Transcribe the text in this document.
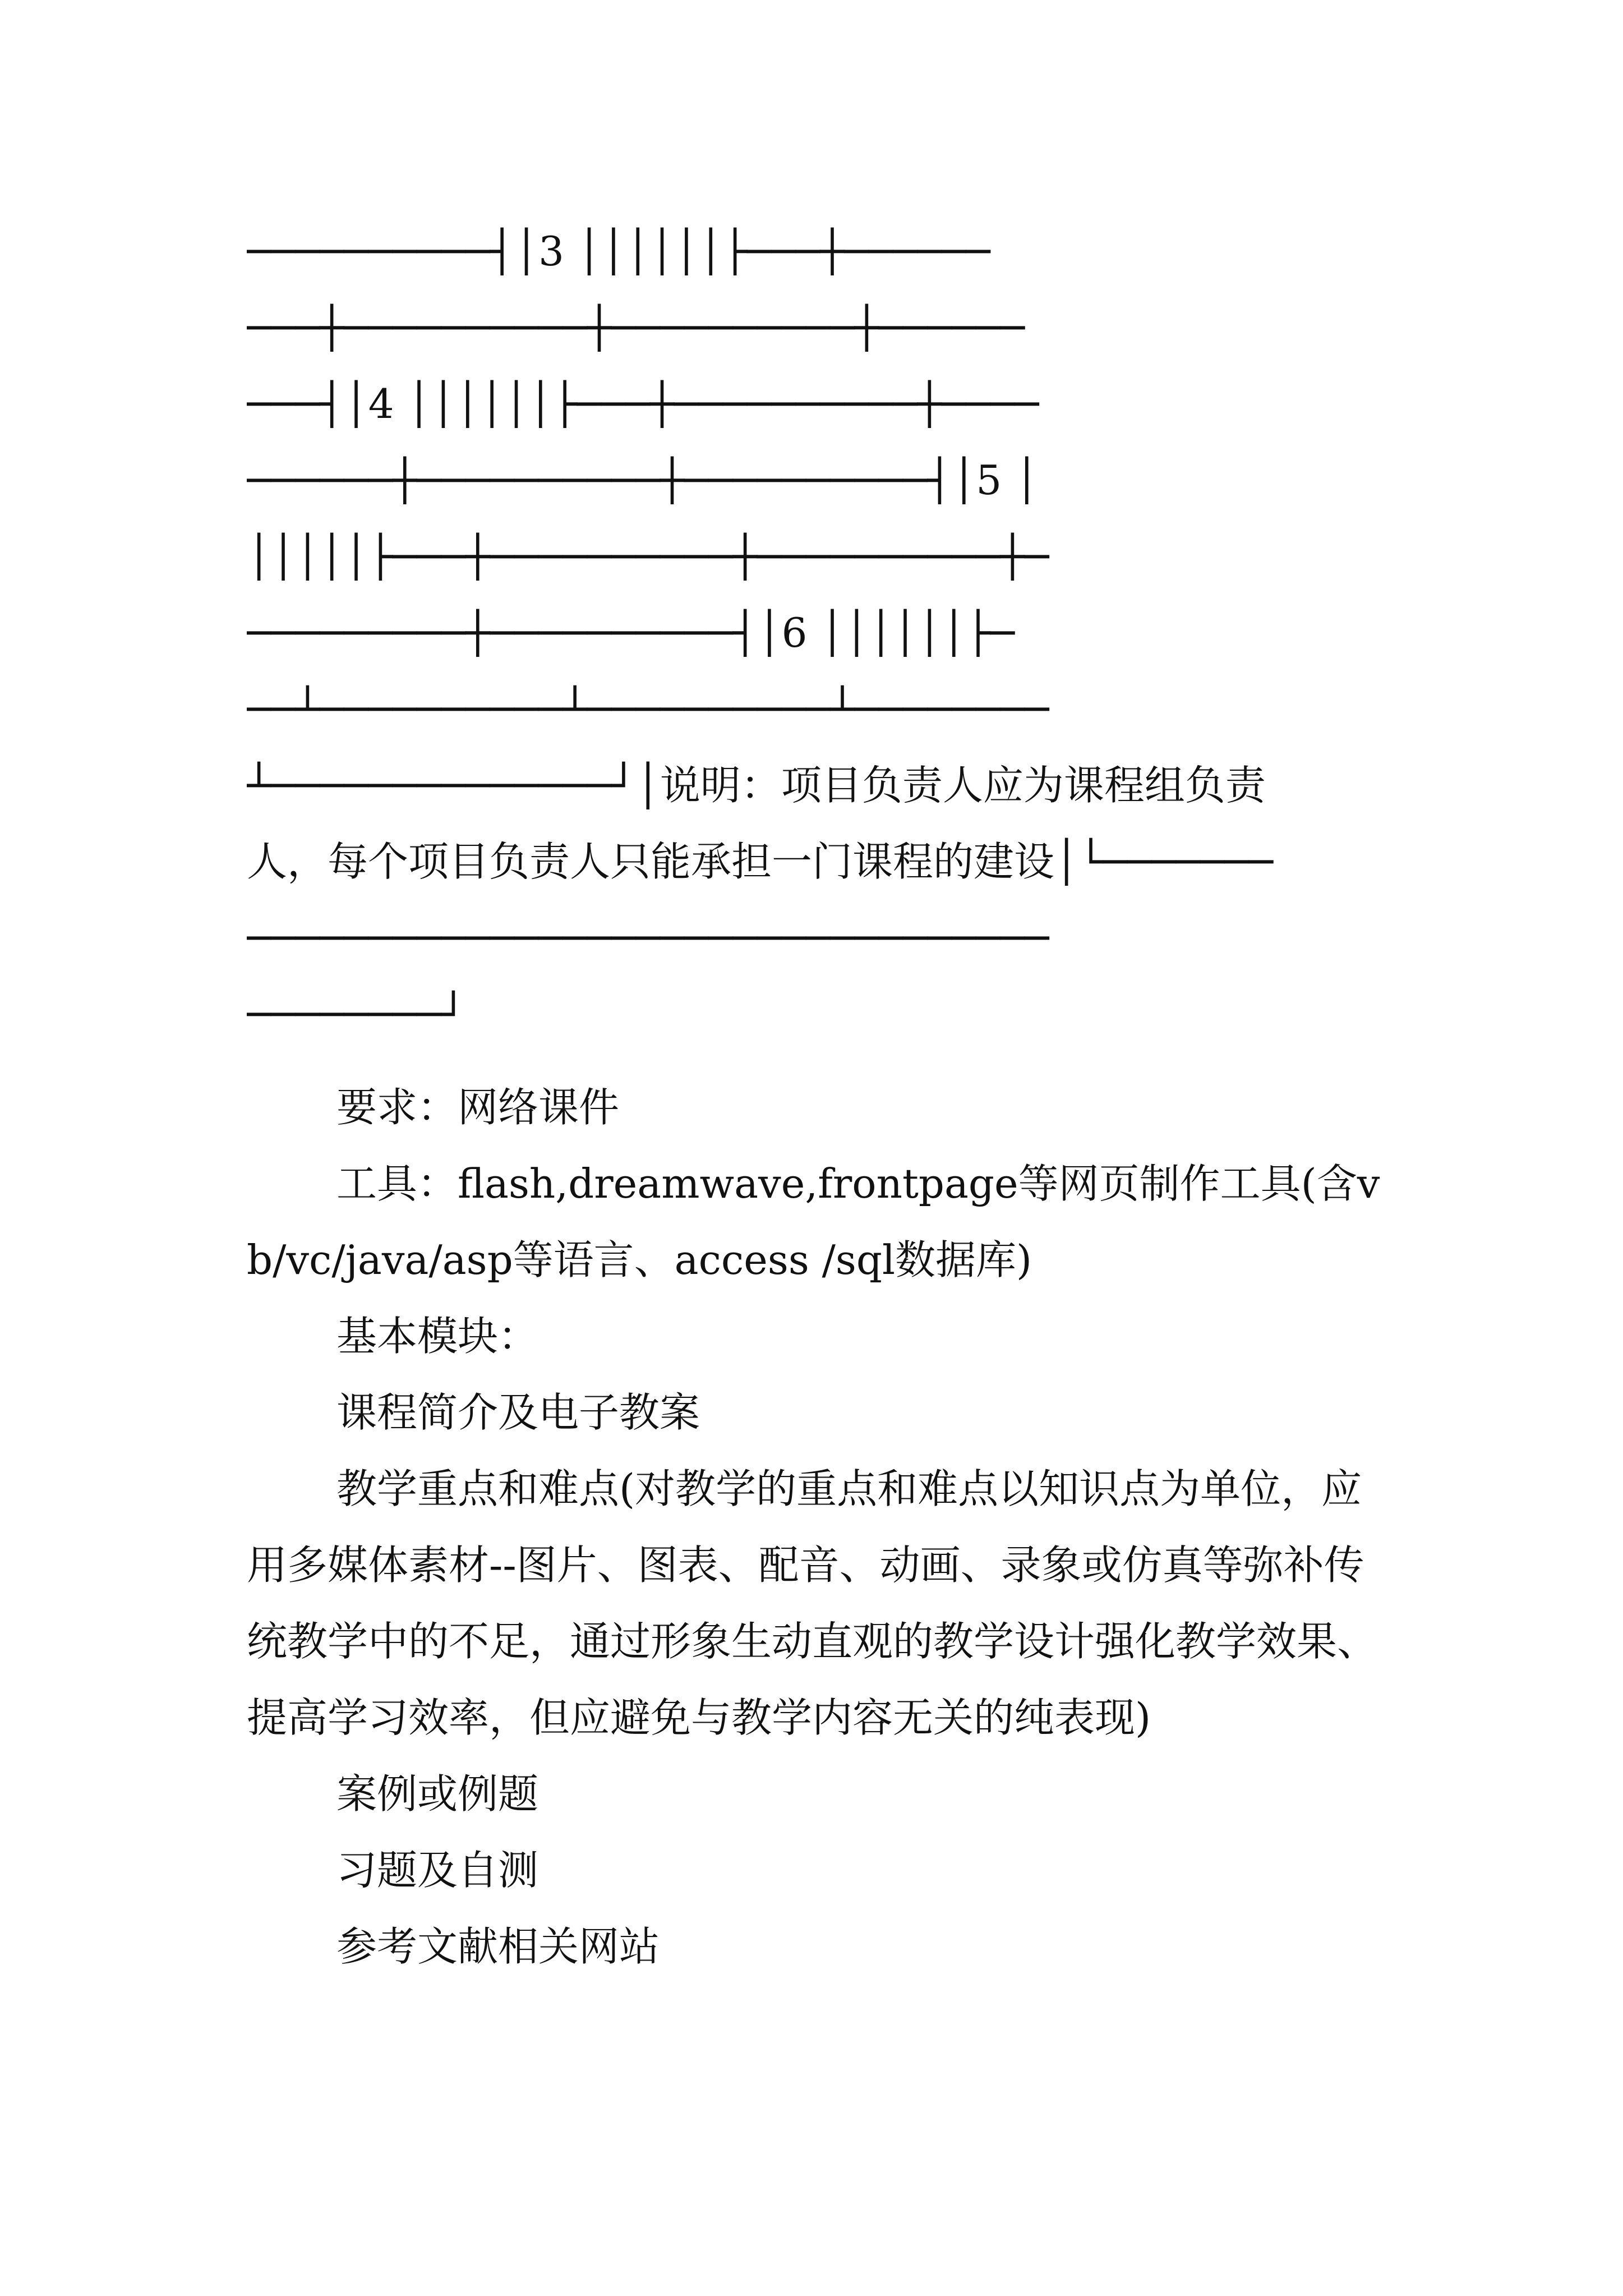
──────────┤│3 ││││││├───┼──────
───┼──────────┼──────────┼──────
───┤│4 ││││││├───┼──────────┼────
──────┼──────────┼──────────┤│5 │
│││││├───┼──────────┼──────────┼─
─────────┼──────────┤│6 ││││││├─
──┴──────────┴──────────┴────────
┴──────────────┘│说明：项目负责人应为课程组负责
人，每个项目负责人只能承担一门课程的建设│└───────
─────────────────────────────────
────────┘

要求：网络课件

工具：flash,dreamwave,frontpage等网页制作工具(含vb/vc/java/asp等语言、access /sql数据库)

基本模块：

课程简介及电子教案

教学重点和难点(对教学的重点和难点以知识点为单位，应用多媒体素材--图片、图表、配音、动画、录象或仿真等弥补传统教学中的不足，通过形象生动直观的教学设计强化教学效果、提高学习效率，但应避免与教学内容无关的纯表现)

案例或例题

习题及自测

参考文献相关网站
